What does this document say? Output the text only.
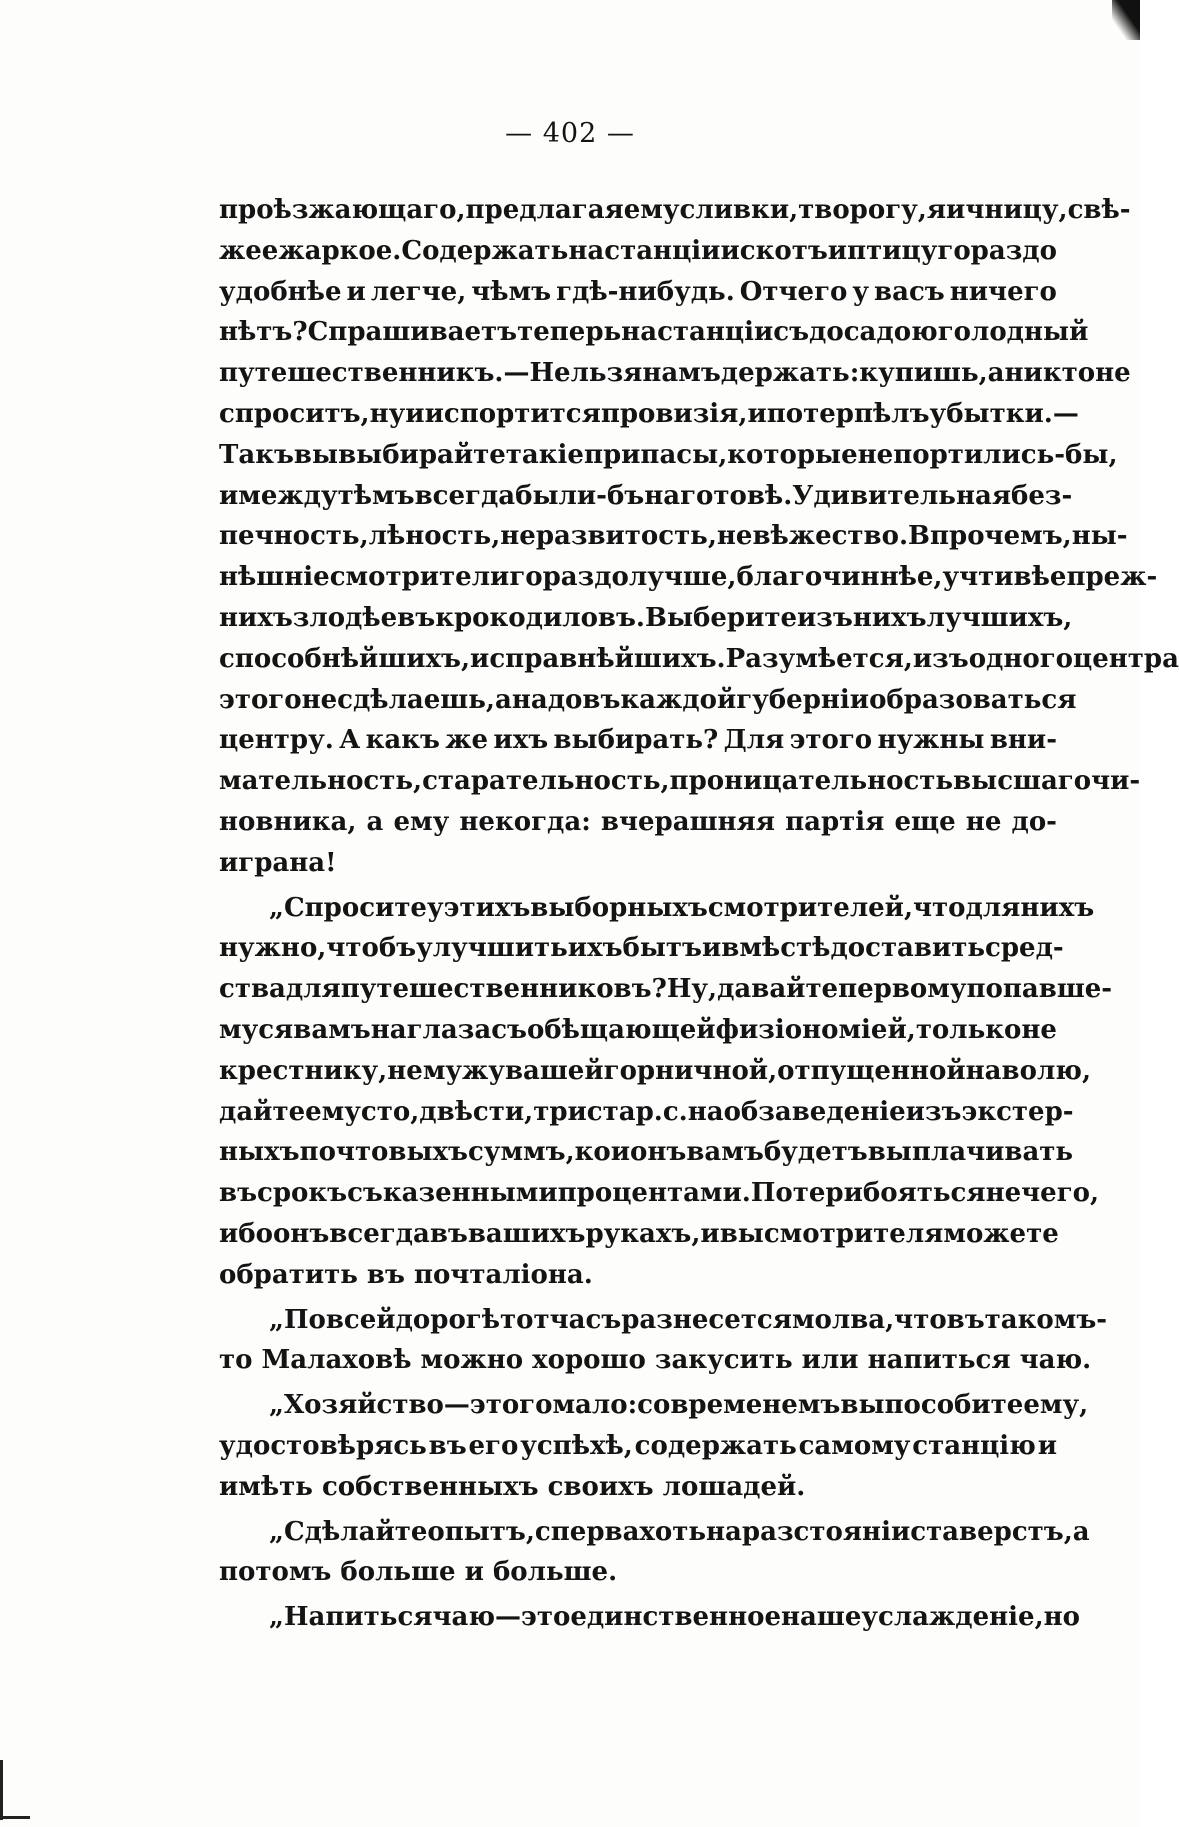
— 402 —
проѣзжающаго, предлагая ему сливки, творогу, яичницу, свѣ-
жее жаркое. Содержать на станціи и скотъ и птицу гораздо
удобнѣе и легче, чѣмъ гдѣ-нибудь. Отчего у васъ ничего
нѣтъ? Спрашиваетъ теперь на станціи съ досадою голодный
путешественникъ.—Нельзя намъ держать: купишь, а никто не
спроситъ, ну и испортится провизія, и потерпѣлъ убытки.—
Такъ вы выбирайте такіе припасы, которые не портились-бы,
и между тѣмъ всегда были-бъ на готовѣ. Удивительная без-
печность, лѣность, неразвитость, невѣжество. Впрочемъ, ны-
нѣшніе смотрители гораздо лучше, благочиннѣе, учтивѣе преж-
нихъ злодѣевъ крокодиловъ. Выберите изъ нихъ лучшихъ,
способнѣйшихъ, исправнѣйшихъ. Разумѣется, изъ одного центра
этого не сдѣлаешь, а надо въ каждой губерніи образоваться
центру. А какъ же ихъ выбирать? Для этого нужны вни-
мательность, старательность, проницательность высшаго чи-
новника, а ему некогда: вчерашняя партія еще не до-
играна!
„Спросите у этихъ выборныхъ смотрителей, что для нихъ
нужно, чтобъ улучшить ихъ бытъ и вмѣстѣ доставить сред-
ства для путешественниковъ? Ну, давайте первому попавше-
муся вамъ на глаза съ обѣщающей физіономіей, только не
крестнику, не мужу вашей горничной, отпущенной на волю,
дайте ему сто, двѣсти, триста р. с. на обзаведеніе изъ экстер-
ныхъ почтовыхъ суммъ, кои онъ вамъ будетъ выплачивать
въ срокъ съ казенными процентами. Потери бояться нечего,
ибо онъ всегда въ вашихъ рукахъ, и вы смотрителя можете
обратить въ почталіона.
„По всей дорогѣ тотчасъ разнесется молва, что въ такомъ-
то Малаховѣ можно хорошо закусить или напиться чаю.
„Хозяйство—этого мало: со временемъ вы пособите ему,
удостовѣрясь въ его успѣхѣ, содержать самому станцію и
имѣть собственныхъ своихъ лошадей.
„Сдѣлайте опытъ, сперва хоть на разстояніи ста верстъ, а
потомъ больше и больше.
„Напиться чаю—это единственное наше услажденіе, но
